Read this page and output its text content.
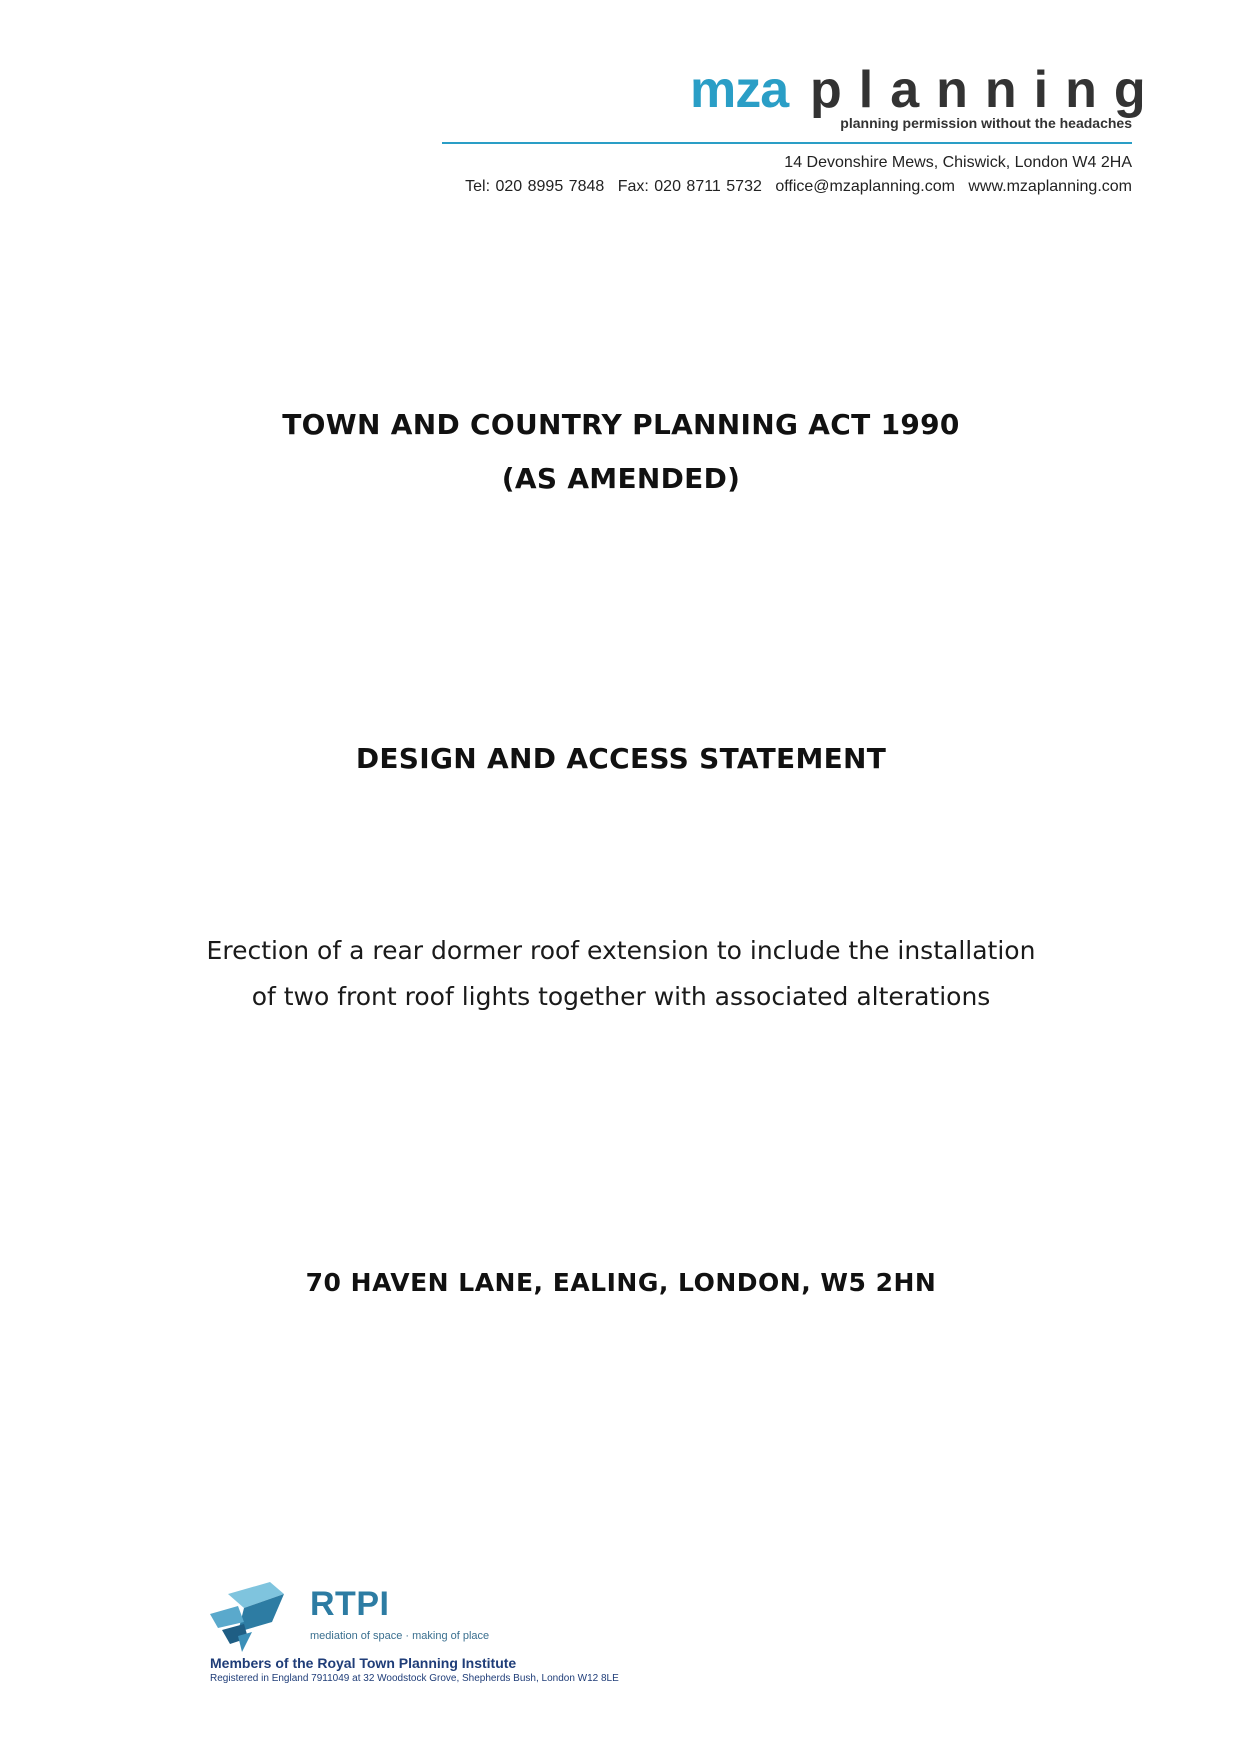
mza planning
planning permission without the headaches
14 Devonshire Mews, Chiswick, London W4 2HA
Tel: 020 8995 7848 Fax: 020 8711 5732 office@mzaplanning.com www.mzaplanning.com
TOWN AND COUNTRY PLANNING ACT 1990
(AS AMENDED)
DESIGN AND ACCESS STATEMENT
Erection of a rear dormer roof extension to include the installation
of two front roof lights together with associated alterations
70 HAVEN LANE, EALING, LONDON, W5 2HN
RTPI
mediation of space · making of place
Members of the Royal Town Planning Institute
Registered in England 7911049 at 32 Woodstock Grove, Shepherds Bush, London W12 8LE
